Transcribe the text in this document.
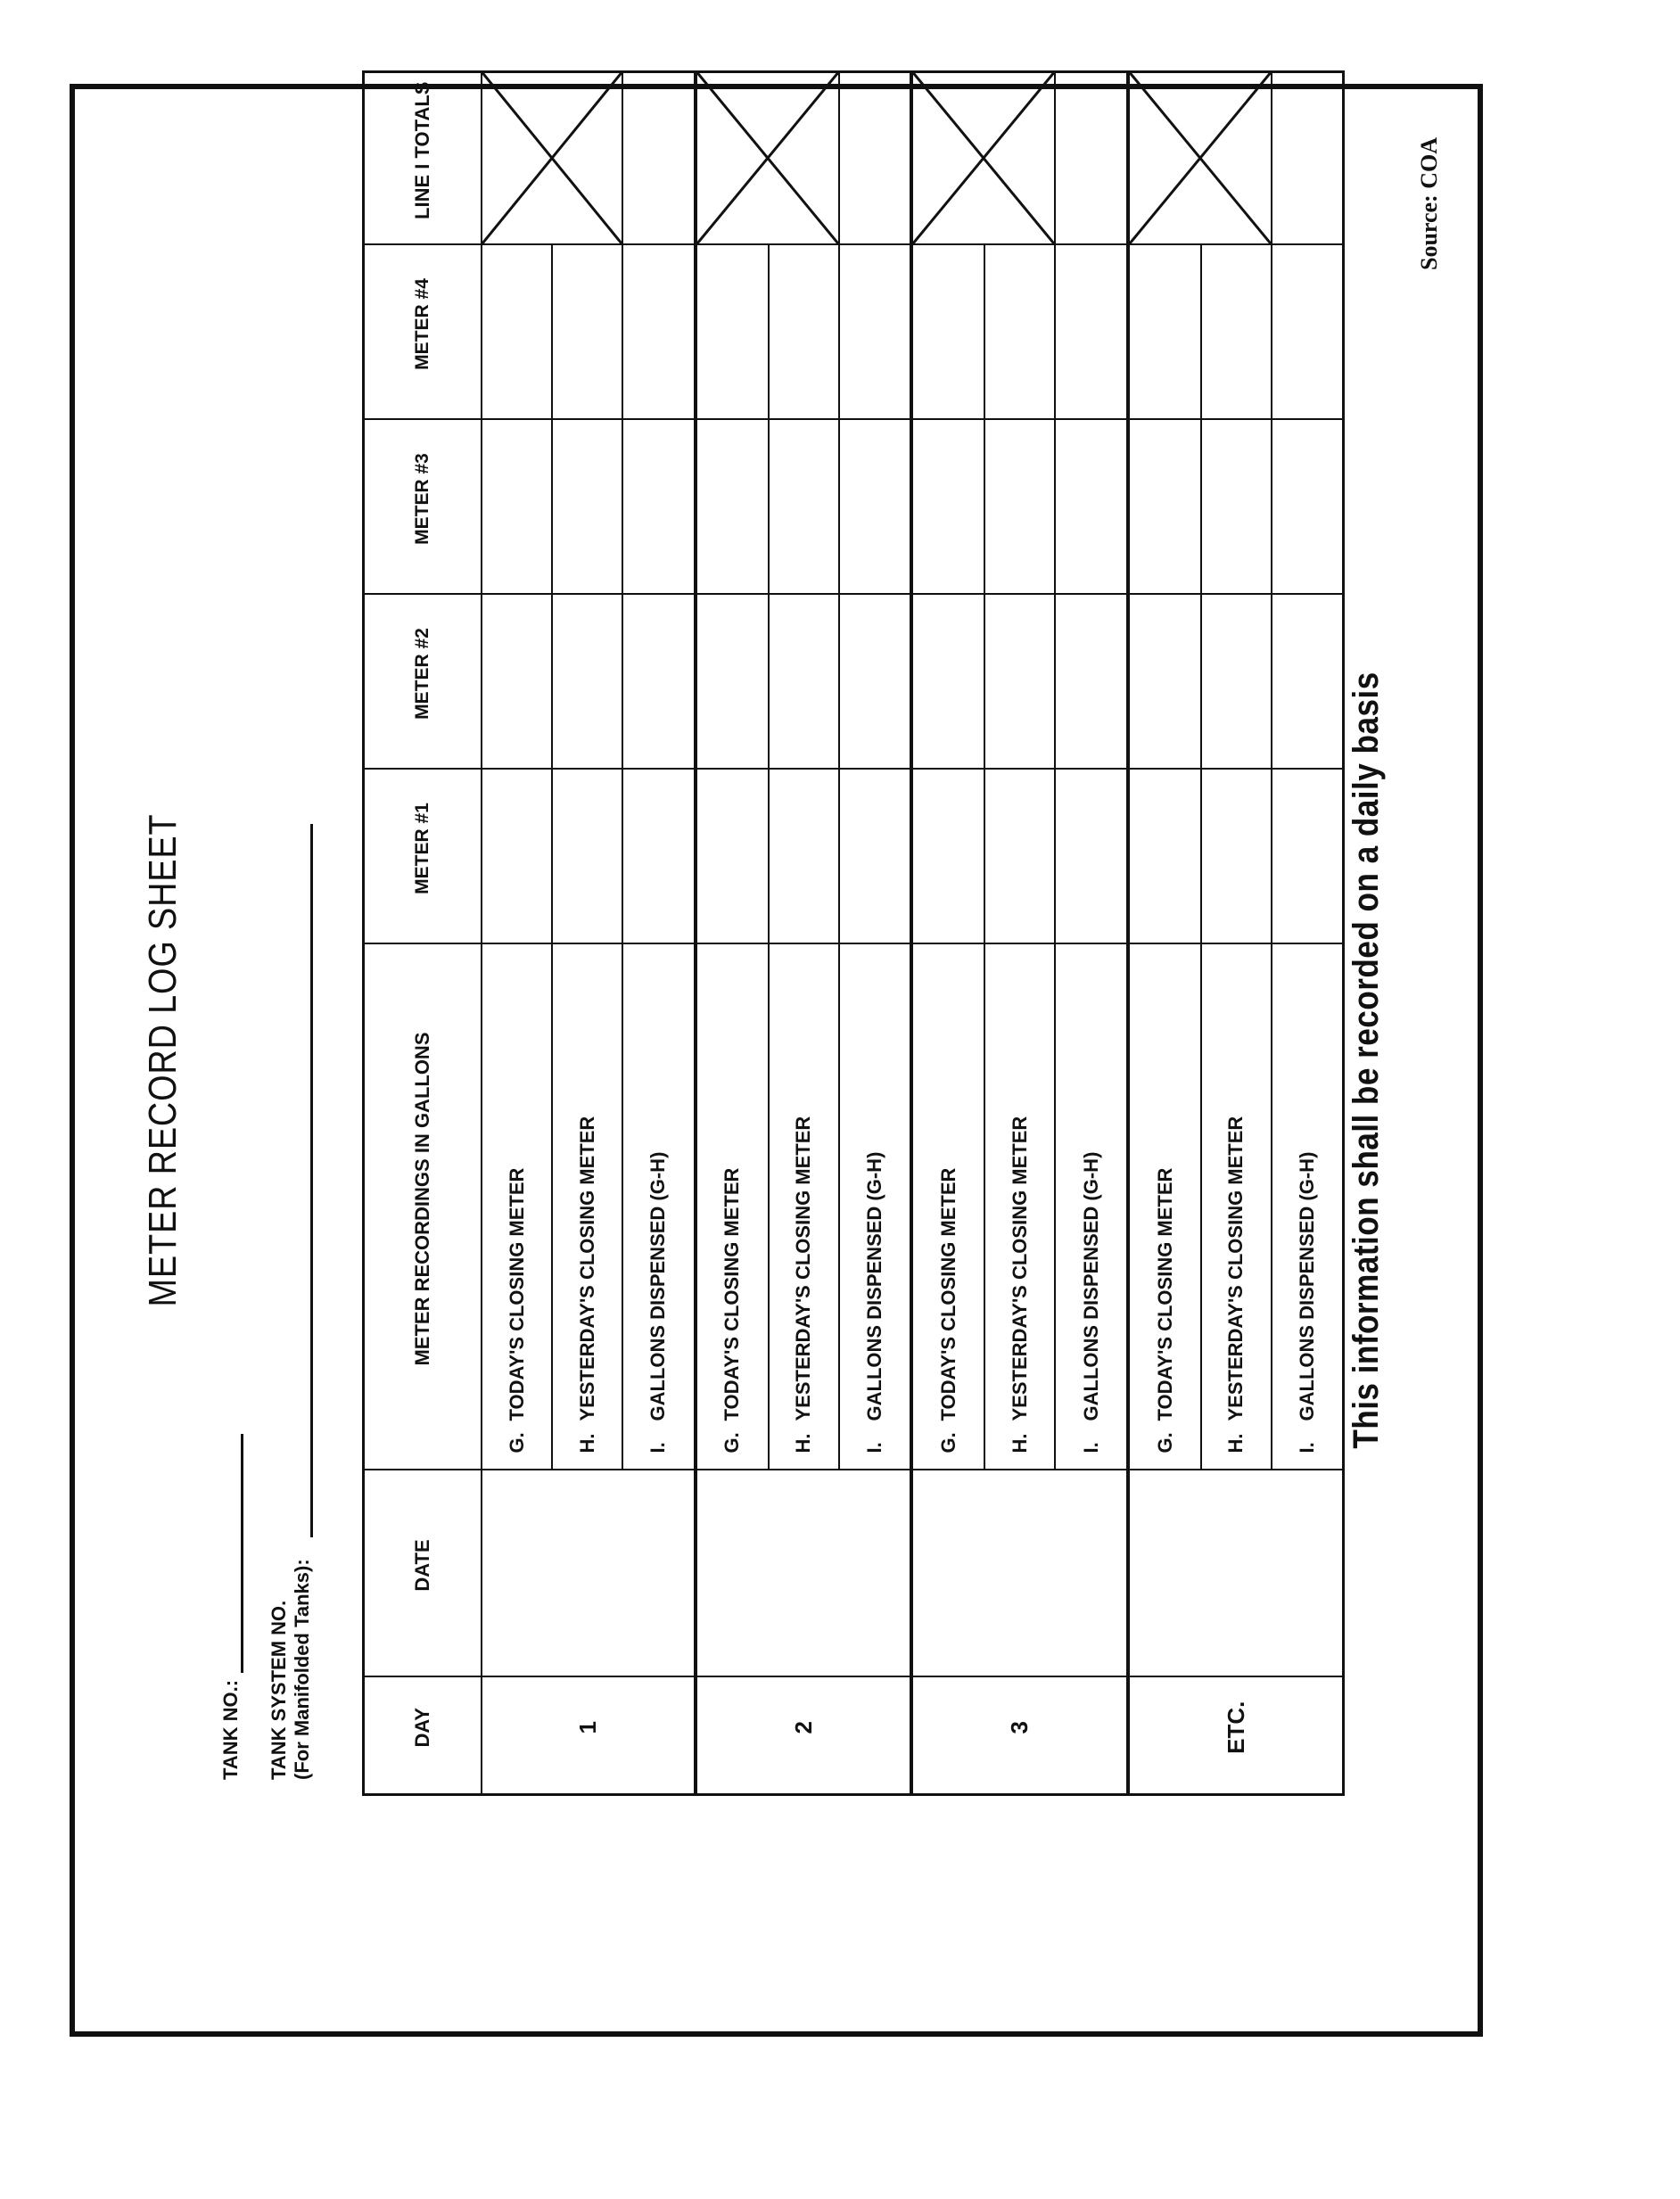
METER RECORD LOG SHEET
TANK NO.: TANK SYSTEM NO. (For Manifolded Tanks):	DAY	DATE	METER RECORDINGS IN GALLONS	METER #1	METER #2	METER #3	METER #4	LINE I TOTALS
1		G.TODAY'S CLOSING METER					

		H.YESTERDAY'S CLOSING METER					
		I.GALLONS DISPENSED (G-H)					
2		G.TODAY'S CLOSING METER					

		H.YESTERDAY'S CLOSING METER					
		I.GALLONS DISPENSED (G-H)					
3		G.TODAY'S CLOSING METER					

		H.YESTERDAY'S CLOSING METER					
		I.GALLONS DISPENSED (G-H)					
ETC.		G.TODAY'S CLOSING METER					

		H.YESTERDAY'S CLOSING METER					
		I.GALLONS DISPENSED (G-H)					This information shall be recorded on a daily basis
Source: COA
